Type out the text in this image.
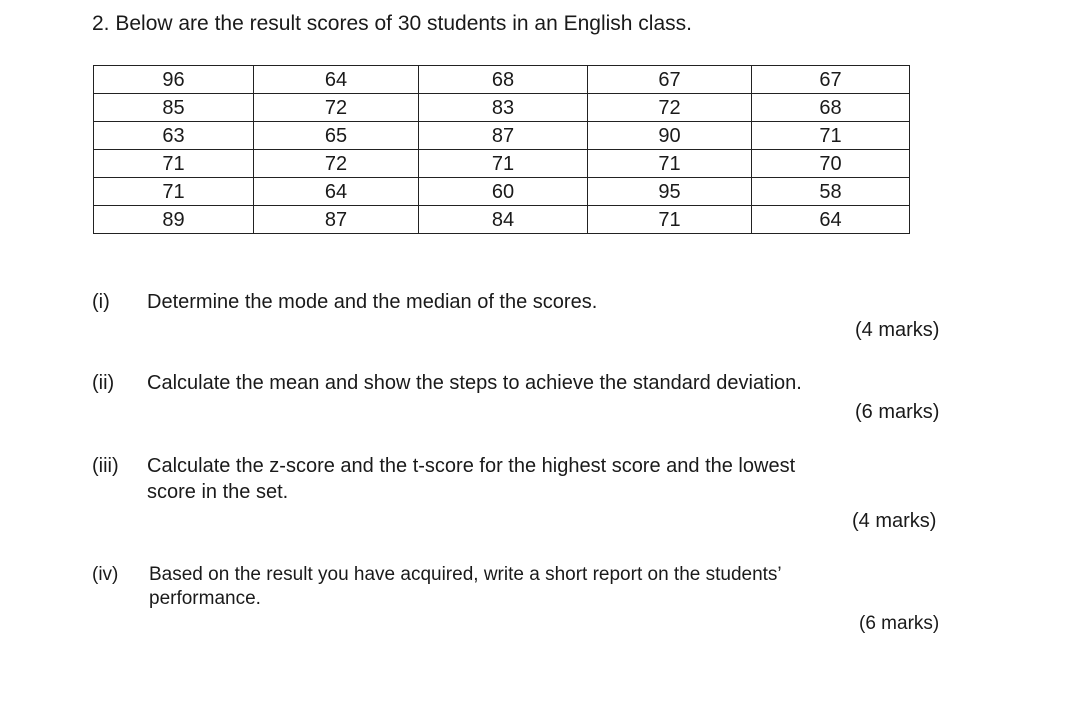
2. Below are the result scores of 30 students in an English class.
96	64	68	67	67
85	72	83	72	68
63	65	87	90	71
71	72	71	71	70
71	64	60	95	58
89	87	84	71	64
(i) Determine the mode and the median of the scores.
(4 marks)
(ii) Calculate the mean and show the steps to achieve the standard deviation.
(6 marks)
(iii) Calculate the z-score and the t-score for the highest score and the lowest
score in the set.
(4 marks)
(iv) Based on the result you have acquired, write a short report on the students’
performance.
(6 marks)
